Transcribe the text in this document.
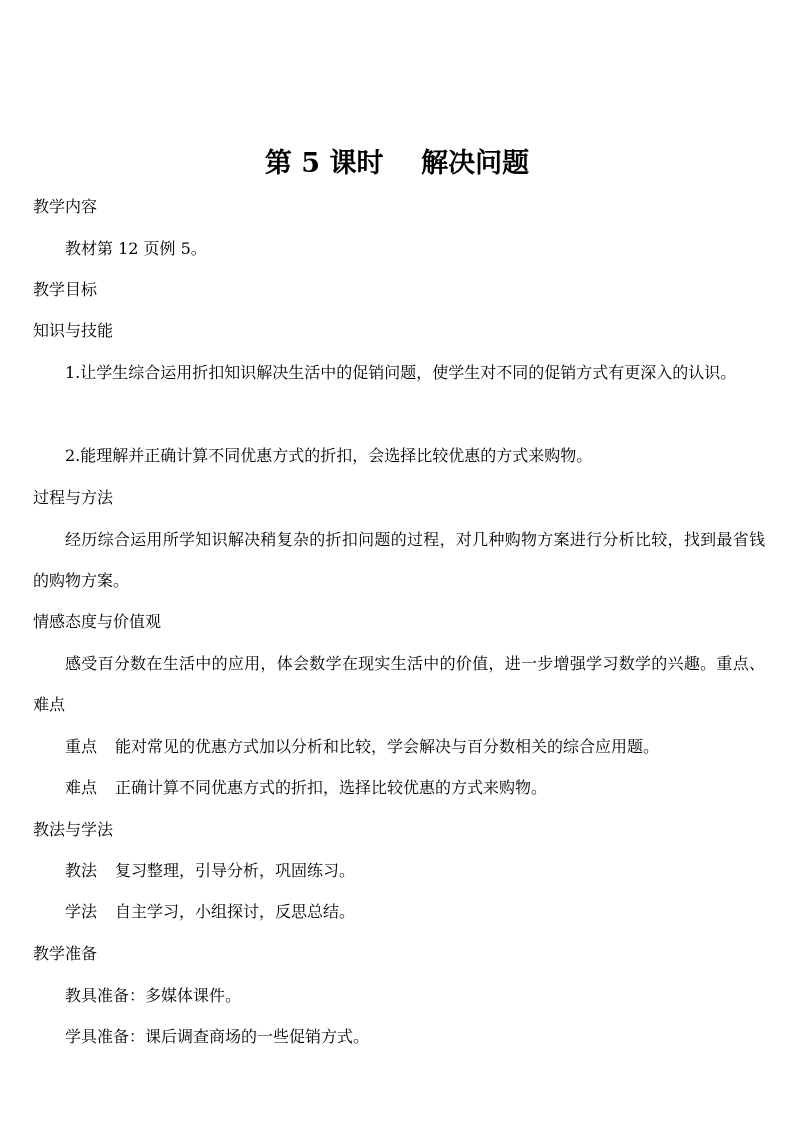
第 5 课时    解决问题
教学内容
教材第 12 页例 5。
教学目标
知识与技能
1.让学生综合运用折扣知识解决生活中的促销问题，使学生对不同的促销方式有更深入的认识。
2.能理解并正确计算不同优惠方式的折扣，会选择比较优惠的方式来购物。
过程与方法
经历综合运用所学知识解决稍复杂的折扣问题的过程，对几种购物方案进行分析比较，找到最省钱的购物方案。
情感态度与价值观
感受百分数在生活中的应用，体会数学在现实生活中的价值，进一步增强学习数学的兴趣。重点、难点
重点 能对常见的优惠方式加以分析和比较，学会解决与百分数相关的综合应用题。
难点 正确计算不同优惠方式的折扣，选择比较优惠的方式来购物。
教法与学法
教法 复习整理，引导分析，巩固练习。
学法 自主学习，小组探讨，反思总结。
教学准备
教具准备：多媒体课件。
学具准备：课后调查商场的一些促销方式。
